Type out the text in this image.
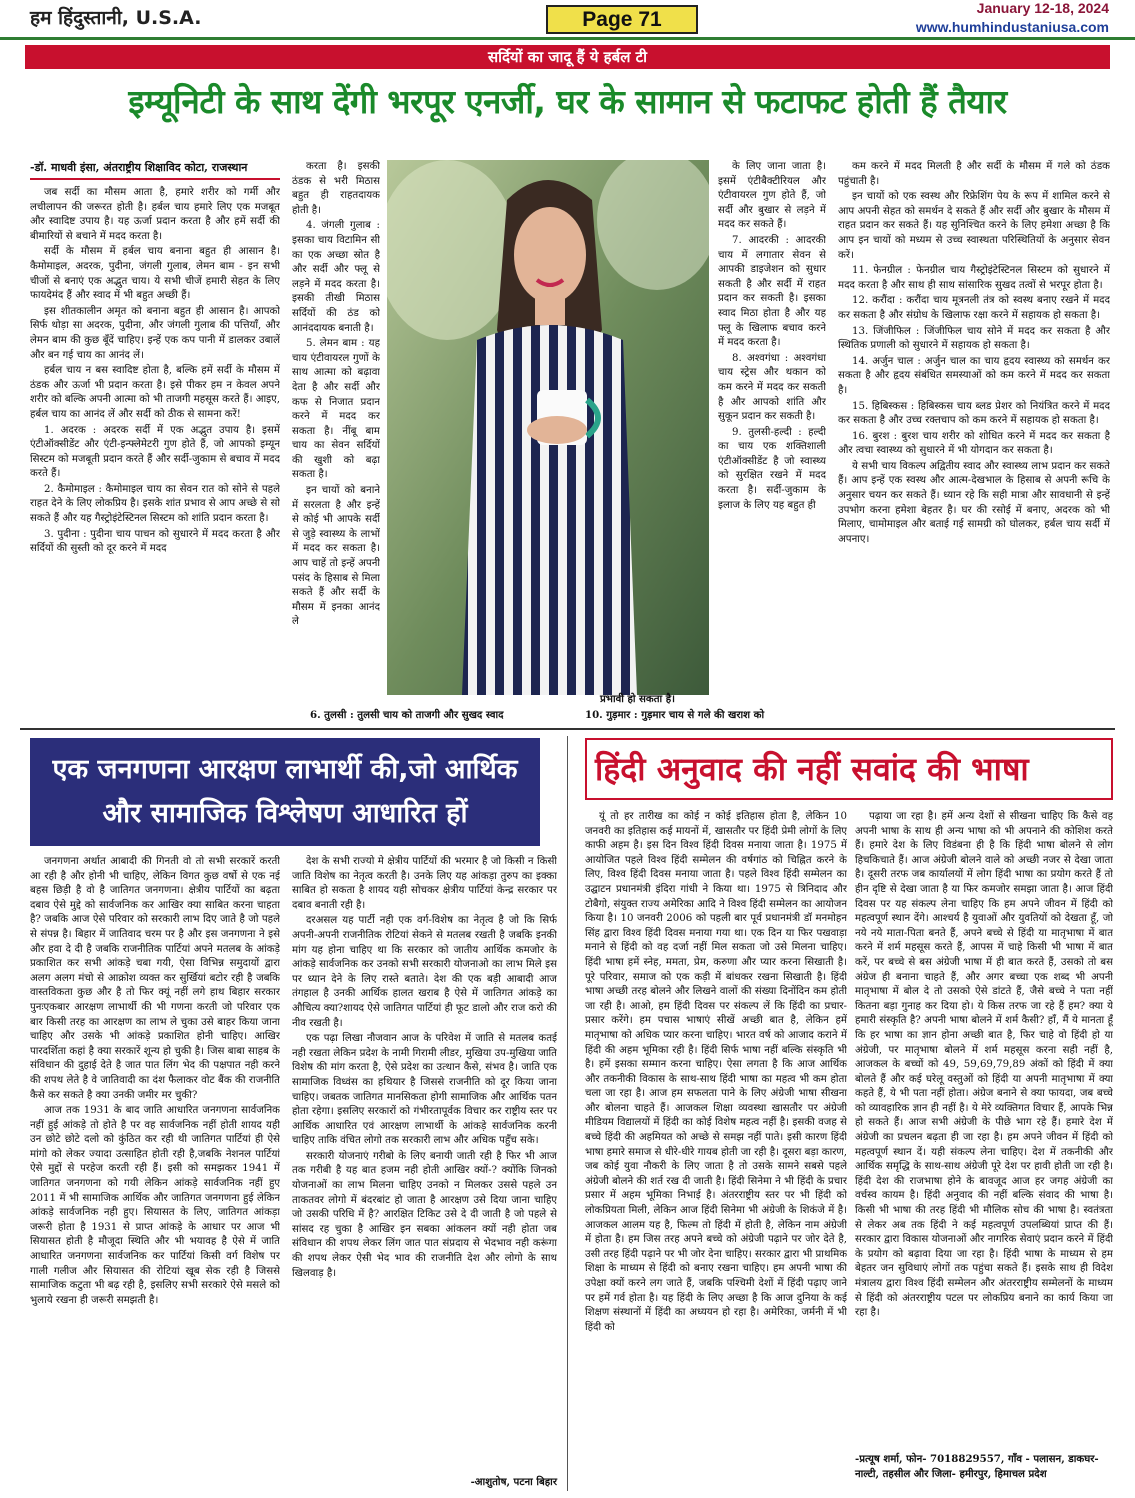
हम हिंदुस्तानी, U.S.A.	Page 71	January 12-18, 2024
www.humhindustaniusa.com
सर्दियों का जादू हैं ये हर्बल टी
इम्यूनिटी के साथ देंगी भरपूर एनर्जी, घर के सामान से फटाफट होती हैं तैयार
-डॉ. माधवी इंसा, अंतराष्ट्रीय शिक्षाविद कोटा, राजस्थान

जब सर्दी का मौसम आता है, हमारे शरीर को गर्मी और लचीलापन की जरूरत होती है। हर्बल चाय हमारे लिए एक मजबूत और स्वादिष्ट उपाय है। यह ऊर्जा प्रदान करता है और हमें सर्दी की बीमारियों से बचाने में मदद करता है।

सर्दी के मौसम में हर्बल चाय बनाना बहुत ही आसान है। कैमोमाइल, अदरक, पुदीना, जंगली गुलाब, लेमन बाम - इन सभी चीजों से बनाएं एक अद्भुत चाय। ये सभी चीजें हमारी सेहत के लिए फायदेमंद हैं और स्वाद में भी बहुत अच्छी हैं।

इस शीतकालीन अमृत को बनाना बहुत ही आसान है। आपको सिर्फ थोड़ा सा अदरक, पुदीना, और जंगली गुलाब की पत्तियाँ, और लेमन बाम की कुछ बूँदें चाहिए। इन्हें एक कप पानी में डालकर उबालें और बन गई चाय का आनंद लें।

हर्बल चाय न बस स्वादिष्ट होता है, बल्कि हमें सर्दी के मौसम में ठंडक और ऊर्जा भी प्रदान करता है। इसे पीकर हम न केवल अपने शरीर को बल्कि अपनी आत्मा को भी ताजगी महसूस करते हैं। आइए, हर्बल चाय का आनंद लें और सर्दी को ठीक से सामना करें!

1. अदरक : अदरक सर्दी में एक अद्भुत उपाय है। इसमें एंटीऑक्सीडेंट और एंटी-इन्फ्लेमेटरी गुण होते हैं, जो आपको इम्यून सिस्टम को मजबूती प्रदान करते हैं और सर्दी-जुकाम से बचाव में मदद करते हैं।

2. कैमोमाइल : कैमोमाइल चाय का सेवन रात को सोने से पहले राहत देने के लिए लोकप्रिय है। इसके शांत प्रभाव से आप अच्छे से सो सकते हैं और यह गैस्ट्रोइंटेस्टिनल सिस्टम को शांति प्रदान करता है।

3. पुदीना : पुदीना चाय पाचन को सुधारने में मदद करता है और सर्दियों की सुस्ती को दूर करने में मदद

करता है। इसकी ठंडक से भरी मिठास बहुत ही राहतदायक होती है।

4. जंगली गुलाब : इसका चाय विटामिन सी का एक अच्छा स्रोत है और सर्दी और फ्लू से लड़ने में मदद करता है। इसकी तीखी मिठास सर्दियों की ठंड को आनंददायक बनाती है।

5. लेमन बाम : यह चाय एंटीवायरल गुणों के साथ आत्मा को बढ़ावा देता है और सर्दी और कफ से निजात प्रदान करने में मदद कर सकता है। नींबू बाम चाय का सेवन सर्दियों की खुशी को बढ़ा सकता है।

इन चायों को बनाने में सरलता है और इन्हें से कोई भी आपके सर्दी से जुड़े स्वास्थ्य के लाभों में मदद कर सकता है। आप चाहें तो इन्हें अपनी पसंद के हिसाब से मिला सकते हैं और सर्दी के मौसम में इनका आनंद ले

6. तुलसी : तुलसी चाय को ताजगी और सुखद स्वाद

के लिए जाना जाता है। इसमें एंटीबैक्टीरियल और एंटीवायरल गुण होते हैं, जो सर्दी और बुखार से लड़ने में मदद कर सकते हैं।

7. आदरकी : आदरकी चाय में लगातार सेवन से आपकी डाइजेशन को सुधार सकती है और सर्दी में राहत प्रदान कर सकती है। इसका स्वाद मिठा होता है और यह फ्लू के खिलाफ बचाव करने में मदद करता है।

8. अश्वगंधा : अश्वगंधा चाय स्ट्रेस और थकान को कम करने में मदद कर सकती है और आपको शांति और सुकून प्रदान कर सकती है।

9. तुलसी-हल्दी : हल्दी का चाय एक शक्तिशाली एंटीऑक्सीडेंट है जो स्वास्थ्य को सुरक्षित रखने में मदद करता है। सर्दी-जुकाम के इलाज के लिए यह बहुत ही

प्रभावी हो सकता है।
10. गुड़मार : गुड़मार चाय से गले की खराश को

कम करने में मदद मिलती है और सर्दी के मौसम में गले को ठंडक पहुंचाती है।

इन चायों को एक स्वस्थ और रिफ्रेशिंग पेय के रूप में शामिल करने से आप अपनी सेहत को समर्थन दे सकते हैं और सर्दी और बुखार के मौसम में राहत प्रदान कर सकते हैं। यह सुनिश्चित करने के लिए हमेशा अच्छा है कि आप इन चायों को मध्यम से उच्च स्वास्थता परिस्थितियों के अनुसार सेवन करें।

11. फेनग्रील : फेनग्रील चाय गैस्ट्रोइंटेस्टिनल सिस्टम को सुधारने में मदद करता है और साथ ही साथ सांसारिक सुखद तत्वों से भरपूर होता है।

12. करौंदा : करौंदा चाय मूत्रनली तंत्र को स्वस्थ बनाए रखने में मदद कर सकता है और संग्रोध के खिलाफ रक्षा करने में सहायक हो सकता है।

13. जिंजीफिल : जिंजीफिल चाय सोने में मदद कर सकता है और स्थितिक प्रणाली को सुधारने में सहायक हो सकता है।

14. अर्जुन चाल : अर्जुन चाल का चाय हृदय स्वास्थ्य को समर्थन कर सकता है और हृदय संबंधित समस्याओं को कम करने में मदद कर सकता है।

15. हिबिस्कस : हिबिस्कस चाय ब्लड प्रेशर को नियंत्रित करने में मदद कर सकता है और उच्च रक्तचाप को कम करने में सहायक हो सकता है।

16. बुरश : बुरश चाय शरीर को शोधित करने में मदद कर सकता है और त्वचा स्वास्थ्य को सुधारने में भी योगदान कर सकता है।

ये सभी चाय विकल्प अद्वितीय स्वाद और स्वास्थ्य लाभ प्रदान कर सकते हैं। आप इन्हें एक स्वस्थ और आत्म-देखभाल के हिसाब से अपनी रूचि के अनुसार चयन कर सकते हैं। ध्यान रहे कि सही मात्रा और सावधानी से इन्हें उपभोग करना हमेशा बेहतर है। घर की रसोई में बनाए, अदरक को भी मिलाए, चामोमाइल और बताई गई सामग्री को घोलकर, हर्बल चाय सर्दी में अपनाए।

एक जनगणना आरक्षण लाभार्थी की,जो आर्थिक और सामाजिक विश्लेषण आधारित हों

जनगणना अर्थात आबादी की गिनती वो तो सभी सरकारें करती आ रही है और होनी भी चाहिए, लेकिन विगत कुछ वर्षो से एक नई बहस छिड़ी है वो है जातिगत जनगणना। क्षेत्रीय पार्टियों का बढ़ता दबाव ऐसे मुद्दे को सार्वजनिक कर आखिर क्या साबित करना चाहता है? जबकि आज ऐसे परिवार को सरकारी लाभ दिए जाते है जो पहले से संपन्न है। बिहार में जातिवाद चरम पर है और इस जनगणना ने इसे और हवा दे दी है जबकि राजनीतिक पार्टियां अपने मतलब के आंकड़े प्रकाशित कर सभी आंकड़े चबा गयी, ऐसा विभिन्न समुदायों द्वारा अलग अलग मंचो से आक्रोश व्यक्त कर सुर्खियां बटोर रही है जबकि वास्तविकता कुछ और है तो फिर क्यूं नहीं लगे हाथ बिहार सरकार पुनःएकबार आरक्षण लाभार्थी की भी गणना करती जो परिवार एक बार किसी तरह का आरक्षण का लाभ ले चुका उसे बाहर किया जाना चाहिए और उसके भी आंकड़े प्रकाशित होनी चाहिए। आखिर पारदर्शिता कहां है क्या सरकारें शून्य हो चुकी है। जिस बाबा साहब के संविधान की दुहाई देते है जात पात लिंग भेद की पक्षपात नही करने की शपथ लेते है वे जातिवादी का दंश फैलाकर वोट बैंक की राजनीति कैसे कर सकते है क्या उनकी जमीर मर चुकी?

आज तक 1931 के बाद जाति आधारित जनगणना सार्वजनिक नहीं हुई आंकड़े तो होते है पर वह सार्वजनिक नहीं होती शायद यही उन छोटे छोटे दलो को कुंठित कर रही थी जातिगत पार्टियां ही ऐसे मांगो को लेकर ज्यादा उत्साहित होती रही है,जबकि नेशनल पार्टियां ऐसे मुद्दों से परहेज करती रही हैं। इसी को समझकर 1941 में जातिगत जनगणना को गयी लेकिन आंकड़े सार्वजनिक नहीं हुए 2011 में भी सामाजिक आर्थिक और जातिगत जनगणना हुई लेकिन आंकड़े सार्वजनिक नही हुए। सियासत के लिए, जातिगत आंकड़ा जरूरी होता है 1931 से प्राप्त आंकड़े के आधार पर आज भी सियासत होती है मौजूदा स्थिति और भी भयावह है ऐसे में जाति आधारित जनगणना सार्वजनिक कर पार्टियां किसी वर्ग विशेष पर गाली गलीज और सियासत की रोटियां खूब सेक रही है जिससे सामाजिक कटुता भी बढ़ रही है, इसलिए सभी सरकारे ऐसे मसले को भुलाये रखना ही जरूरी समझती है।

देश के सभी राज्यो मे क्षेत्रीय पार्टियों की भरमार है जो किसी न किसी जाति विशेष का नेतृत्व करती है। उनके लिए यह आंकड़ा तुरुप का इक्का साबित हो सकता है शायद यही सोचकर क्षेत्रीय पार्टियां केन्द्र सरकार पर दबाव बनाती रही है।

दरअसल यह पार्टी नही एक वर्ग-विशेष का नेतृत्व है जो कि सिर्फ अपनी-अपनी राजनीतिक रोटियां सेकने से मतलब रखती है जबकि इनकी मांग यह होना चाहिए था कि सरकार को जातीय आर्थिक कमजोर के आंकड़े सार्वजनिक कर उनको सभी सरकारी योजनाओ का लाभ मिले इस पर ध्यान देने के लिए रास्ते बताते। देश की एक बड़ी आबादी आज तंगहाल है उनकी आर्थिक हालत खराब है ऐसे में जातिगत आंकड़े का औचित्य क्या?शायद ऐसे जातिगत पार्टियां ही फूट डालो और राज करो की नीव रखती है।

एक पढ़ा लिखा नौजवान आज के परिवेश में जाति से मतलब कतई नही रखता लेकिन प्रदेश के नामी गिरामी लीडर, मुखिया उप-मुखिया जाति विशेष की मांग करता है, ऐसे प्रदेश का उत्थान कैसे, संभव है। जाति एक सामाजिक विध्वंस का हथियार है जिससे राजनीति को दूर किया जाना चाहिए। जबतक जातिगत मानसिकता होगी सामाजिक और आर्थिक पतन होता रहेगा। इसलिए सरकारों को गंभीरतापूर्वक विचार कर राष्ट्रीय स्तर पर आर्थिक आधारित एवं आरक्षण लाभार्थी के आंकड़े सार्वजनिक करनी चाहिए ताकि वंचित लोगो तक सरकारी लाभ और अधिक पहुँच सके।

सरकारी योजनाएं गरीबो के लिए बनायी जाती रही है फिर भी आज तक गरीबी है यह बात हजम नही होती आखिर क्यों-? क्योंकि जिनको योजनाओं का लाभ मिलना चाहिए उनको न मिलकर उससे पहले उन ताकतवर लोगो में बंदरबांट हो जाता है आरक्षण उसे दिया जाना चाहिए जो उसकी परिधि में है? आरक्षित टिकिट उसे दे दी जाती है जो पहले से सांसद रह चुका है आखिर इन सबका आंकलन क्यों नही होता जब संविधान की शपथ लेकर लिंग जात पात संप्रदाय से भेदभाव नही करूंगा की शपथ लेकर ऐसी भेद भाव की राजनीति देश और लोगो के साथ खिलवाड़ है।

-आशुतोष, पटना बिहार
हिंदी अनुवाद की नहीं सवांद की भाषा

यूं तो हर तारीख का कोई न कोई इतिहास होता है, लेकिन 10 जनवरी का इतिहास कई मायनों में, खासतौर पर हिंदी प्रेमी लोगों के लिए काफी अहम है। इस दिन विश्व हिंदी दिवस मनाया जाता है। 1975 में आयोजित पहले विश्व हिंदी सम्मेलन की वर्षगांठ को चिह्नित करने के लिए, विश्व हिंदी दिवस मनाया जाता है। पहले विश्व हिंदी सम्मेलन का उद्घाटन प्रधानमंत्री इंदिरा गांधी ने किया था। 1975 से त्रिनिदाद और टोबैगो, संयुक्त राज्य अमेरिका आदि ने विश्व हिंदी सम्मेलन का आयोजन किया है। 10 जनवरी 2006 को पहली बार पूर्व प्रधानमंत्री डॉ मनमोहन सिंह द्वारा विश्व हिंदी दिवस मनाया गया था। एक दिन या फिर पखवाड़ा मनाने से हिंदी को वह दर्जा नहीं मिल सकता जो उसे मिलना चाहिए। हिंदी भाषा हमें स्नेह, ममता, प्रेम, करुणा और प्यार करना सिखाती है। पूरे परिवार, समाज को एक कड़ी में बांधकर रखना सिखाती है। हिंदी भाषा अच्छी तरह बोलने और लिखने वालों की संख्या दिनोंदिन कम होती जा रही है। आओ, हम हिंदी दिवस पर संकल्प लें कि हिंदी का प्रचार-प्रसार करेंगे। हम पचास भाषाएं सीखें अच्छी बात है, लेकिन हमें मातृभाषा को अधिक प्यार करना चाहिए। भारत वर्ष को आजाद कराने में हिंदी की अहम भूमिका रही है। हिंदी सिर्फ भाषा नहीं बल्कि संस्कृति भी है। हमें इसका सम्मान करना चाहिए। ऐसा लगता है कि आज आर्थिक और तकनीकी विकास के साथ-साथ हिंदी भाषा का महत्व भी कम होता चला जा रहा है। आज हम सफलता पाने के लिए अंग्रेजी भाषा सीखना और बोलना चाहते हैं। आजकल शिक्षा व्यवस्था खासतौर पर अंग्रेजी मीडियम विद्यालयों में हिंदी का कोई विशेष महत्व नहीं है। इसकी वजह से बच्चे हिंदी की अहमियत को अच्छे से समझ नहीं पाते। इसी कारण हिंदी भाषा हमारे समाज से धीरे-धीरे गायब होती जा रही है। दूसरा बड़ा कारण, जब कोई युवा नौकरी के लिए जाता है तो उसके सामने सबसे पहले अंग्रेजी बोलने की शर्त रख दी जाती है। हिंदी सिनेमा ने भी हिंदी के प्रचार प्रसार में अहम भूमिका निभाई है। अंतरराष्ट्रीय स्तर पर भी हिंदी को लोकप्रियता मिली, लेकिन आज हिंदी सिनेमा भी अंग्रेजी के शिकंजे में है। आजकल आलम यह है, फिल्म तो हिंदी में होती है, लेकिन नाम अंग्रेजी में होता है। हम जिस तरह अपने बच्चे को अंग्रेजी पढ़ाने पर जोर देते है, उसी तरह हिंदी पढ़ाने पर भी जोर देना चाहिए। सरकार द्वारा भी प्राथमिक शिक्षा के माध्यम से हिंदी को बनाए रखना चाहिए। हम अपनी भाषा की उपेक्षा क्यों करने लग जाते हैं, जबकि पश्चिमी देशों में हिंदी पढ़ाए जाने पर हमें गर्व होता है। यह हिंदी के लिए अच्छा है कि आज दुनिया के कई शिक्षण संस्थानों में हिंदी का अध्ययन हो रहा है। अमेरिका, जर्मनी में भी हिंदी को

पढ़ाया जा रहा है। हमें अन्य देशों से सीखना चाहिए कि कैसे वह अपनी भाषा के साथ ही अन्य भाषा को भी अपनाने की कोशिश करते हैं। हमारे देश के लिए विडंबना ही है कि हिंदी भाषा बोलने से लोग हिचकिचाते हैं। आज अंग्रेजी बोलने वाले को अच्छी नजर से देखा जाता है। दूसरी तरफ जब कार्यालयों में लोग हिंदी भाषा का प्रयोग करते हैं तो हीन दृष्टि से देखा जाता है या फिर कमजोर समझा जाता है। आज हिंदी दिवस पर यह संकल्प लेना चाहिए कि हम अपने जीवन में हिंदी को महत्वपूर्ण स्थान देंगे। आश्चर्य है युवाओं और युवतियों को देखता हूँ, जो नये नये माता-पिता बनते हैं, अपने बच्चे से हिंदी या मातृभाषा में बात करने में शर्म महसूस करते हैं, आपस में चाहे किसी भी भाषा में बात करें, पर बच्चे से बस अंग्रेजी भाषा में ही बात करते हैं, उसको तो बस अंग्रेज ही बनाना चाहते हैं, और अगर बच्चा एक शब्द भी अपनी मातृभाषा में बोल दे तो उसको ऐसे डांटते हैं, जैसे बच्चे ने पता नहीं कितना बड़ा गुनाह कर दिया हो। ये किस तरफ जा रहे हैं हम? क्या ये हमारी संस्कृति है? अपनी भाषा बोलने में शर्म कैसी? हाँ, मैं ये मानता हूँ कि हर भाषा का ज्ञान होना अच्छी बात है, फिर चाहे वो हिंदी हो या अंग्रेजी, पर मातृभाषा बोलने में शर्म महसूस करना सही नहीं है, आजकल के बच्चों को 49, 59,69,79,89 अंकों को हिंदी में क्या बोलते हैं और कई घरेलू वस्तुओं को हिंदी या अपनी मातृभाषा में क्या कहते हैं, ये भी पता नहीं होता। अंग्रेज बनाने से क्या फायदा, जब बच्चे को व्यावहारिक ज्ञान ही नहीं है। ये मेरे व्यक्तिगत विचार हैं, आपके भिन्न हो सकते हैं। आज सभी अंग्रेजी के पीछे भाग रहे हैं। हमारे देश में अंग्रेजी का प्रचलन बढ़ता ही जा रहा है। हम अपने जीवन में हिंदी को महत्वपूर्ण स्थान दें। यही संकल्प लेना चाहिए। देश में तकनीकी और आर्थिक समृद्धि के साथ-साथ अंग्रेजी पूरे देश पर हावी होती जा रही है। हिंदी देश की राजभाषा होने के बावजूद आज हर जगह अंग्रेजी का वर्चस्व कायम है। हिंदी अनुवाद की नहीं बल्कि संवाद की भाषा है। किसी भी भाषा की तरह हिंदी भी मौलिक सोच की भाषा है। स्वतंत्रता से लेकर अब तक हिंदी ने कई महत्वपूर्ण उपलब्धियां प्राप्त की हैं। सरकार द्वारा विकास योजनाओं और नागरिक सेवाएं प्रदान करने में हिंदी के प्रयोग को बढ़ावा दिया जा रहा है। हिंदी भाषा के माध्यम से हम बेहतर जन सुविधाएं लोगों तक पहुंचा सकते हैं। इसके साथ ही विदेश मंत्रालय द्वारा विश्व हिंदी सम्मेलन और अंतरराष्ट्रीय सम्मेलनों के माध्यम से हिंदी को अंतरराष्ट्रीय पटल पर लोकप्रिय बनाने का कार्य किया जा रहा है।

-प्रत्यूष शर्मा, फोन- 7018829557, गाँव - पलासन, डाकघर- नाल्टी, तहसील और जिला- हमीरपुर, हिमाचल प्रदेश
